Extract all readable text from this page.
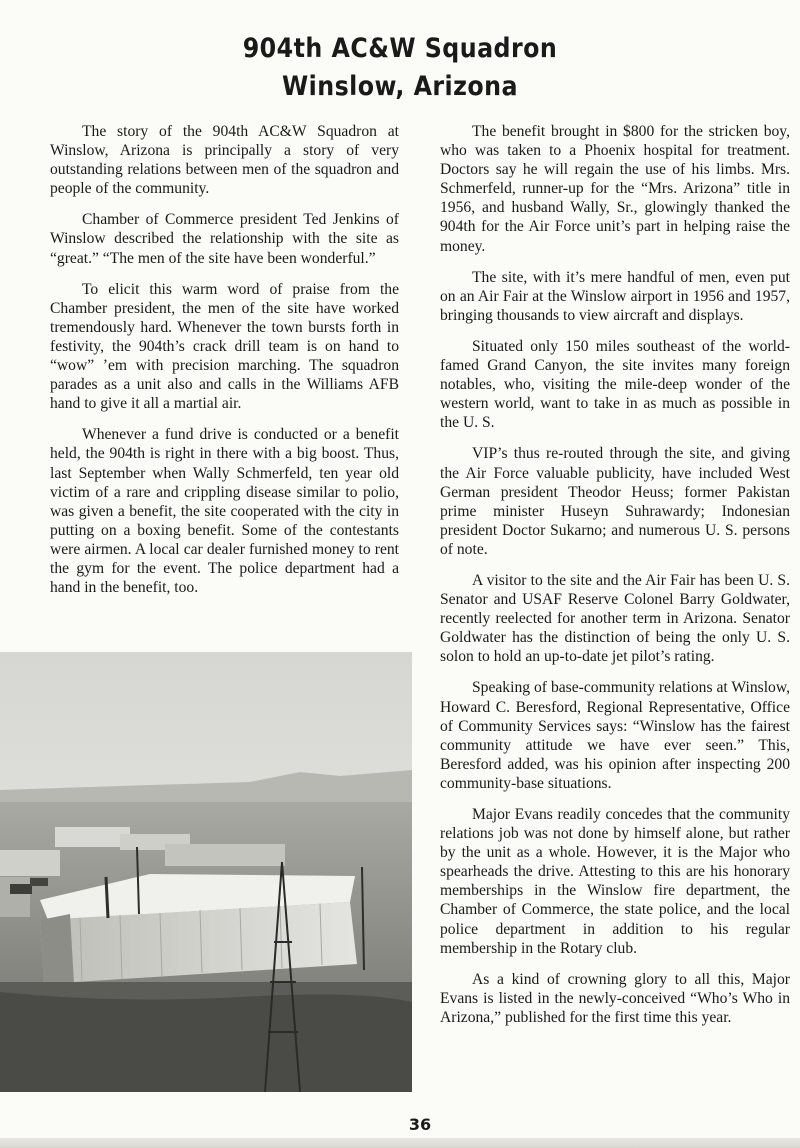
904th AC&W Squadron
Winslow, Arizona

The story of the 904th AC&W Squadron at Winslow, Arizona is principally a story of very outstanding relations between men of the squadron and people of the community.

Chamber of Commerce president Ted Jenkins of Winslow described the relationship with the site as “great.” “The men of the site have been wonderful.”

To elicit this warm word of praise from the Chamber president, the men of the site have worked tremendously hard. Whenever the town bursts forth in festivity, the 904th’s crack drill team is on hand to “wow” ’em with precision marching. The squadron parades as a unit also and calls in the Williams AFB hand to give it all a martial air.

Whenever a fund drive is conducted or a benefit held, the 904th is right in there with a big boost. Thus, last September when Wally Schmerfeld, ten year old victim of a rare and crippling disease similar to polio, was given a benefit, the site cooperated with the city in putting on a boxing benefit. Some of the contestants were airmen. A local car dealer furnished money to rent the gym for the event. The police department had a hand in the benefit, too.

The benefit brought in $800 for the stricken boy, who was taken to a Phoenix hospital for treatment. Doctors say he will regain the use of his limbs. Mrs. Schmerfeld, runner-up for the “Mrs. Arizona” title in 1956, and husband Wally, Sr., glowingly thanked the 904th for the Air Force unit’s part in helping raise the money.

The site, with it’s mere handful of men, even put on an Air Fair at the Winslow airport in 1956 and 1957, bringing thousands to view aircraft and displays.

Situated only 150 miles southeast of the world-famed Grand Canyon, the site invites many foreign notables, who, visiting the mile-deep wonder of the western world, want to take in as much as possible in the U. S.

VIP’s thus re-routed through the site, and giving the Air Force valuable publicity, have included West German president Theodor Heuss; former Pakistan prime minister Huseyn Suhrawardy; Indonesian president Doctor Sukarno; and numerous U. S. persons of note.

A visitor to the site and the Air Fair has been U. S. Senator and USAF Reserve Colonel Barry Goldwater, recently reelected for another term in Arizona. Senator Goldwater has the distinction of being the only U. S. solon to hold an up-to-date jet pilot’s rating.

Speaking of base-community relations at Winslow, Howard C. Beresford, Regional Representative, Office of Community Services says: “Winslow has the fairest community attitude we have ever seen.” This, Beresford added, was his opinion after inspecting 200 community-base situations.

Major Evans readily concedes that the community relations job was not done by himself alone, but rather by the unit as a whole. However, it is the Major who spearheads the drive. Attesting to this are his honorary memberships in the Winslow fire department, the Chamber of Commerce, the state police, and the local police department in addition to his regular membership in the Rotary club.

As a kind of crowning glory to all this, Major Evans is listed in the newly-conceived “Who’s Who in Arizona,” published for the first time this year.

36
